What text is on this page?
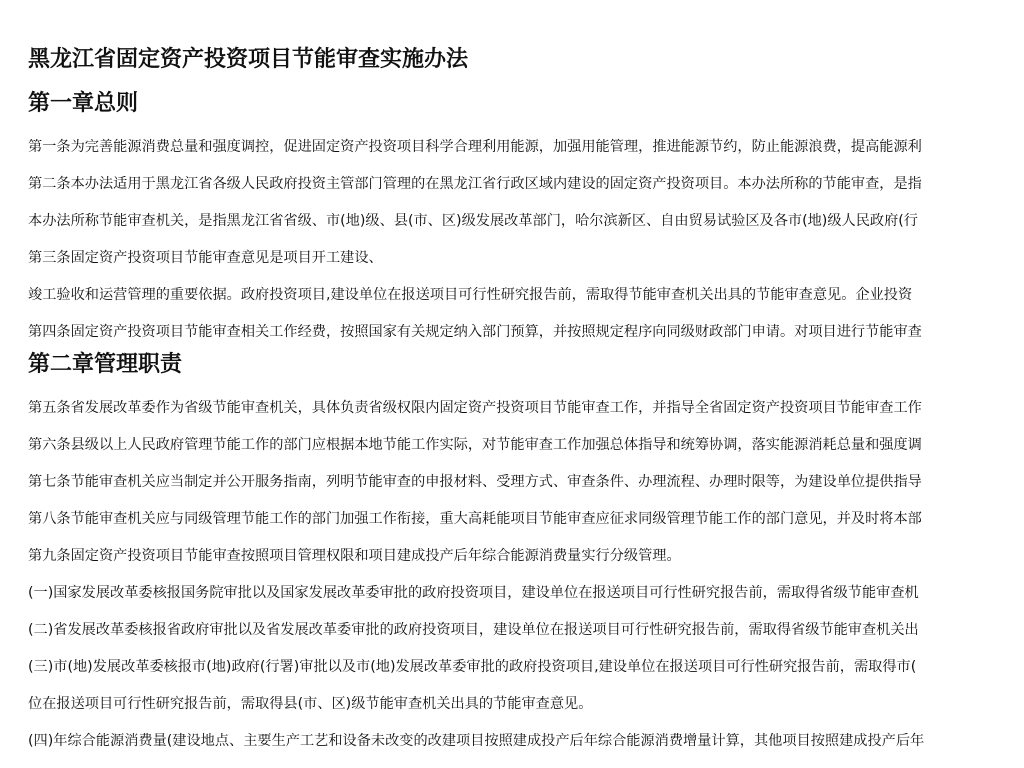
黑龙江省固定资产投资项目节能审查实施办法
第一章总则

第一条为完善能源消费总量和强度调控，促进固定资产投资项目科学合理利用能源，加强用能管理，推进能源节约，防止能源浪费，提高能源利

第二条本办法适用于黑龙江省各级人民政府投资主管部门管理的在黑龙江省行政区域内建设的固定资产投资项目。本办法所称的节能审查，是指

本办法所称节能审查机关，是指黑龙江省省级、市(地)级、县(市、区)级发展改革部门，哈尔滨新区、自由贸易试验区及各市(地)级人民政府(行

第三条固定资产投资项目节能审查意见是项目开工建设、

竣工验收和运营管理的重要依据。政府投资项目,建设单位在报送项目可行性研究报告前，需取得节能审查机关出具的节能审查意见。企业投资

第四条固定资产投资项目节能审查相关工作经费，按照国家有关规定纳入部门预算，并按照规定程序向同级财政部门申请。对项目进行节能审查

第二章管理职责

第五条省发展改革委作为省级节能审查机关，具体负责省级权限内固定资产投资项目节能审查工作，并指导全省固定资产投资项目节能审查工作

第六条县级以上人民政府管理节能工作的部门应根据本地节能工作实际，对节能审查工作加强总体指导和统筹协调，落实能源消耗总量和强度调

第七条节能审查机关应当制定并公开服务指南，列明节能审查的申报材料、受理方式、审查条件、办理流程、办理时限等，为建设单位提供指导

第八条节能审查机关应与同级管理节能工作的部门加强工作衔接，重大高耗能项目节能审查应征求同级管理节能工作的部门意见，并及时将本部

第九条固定资产投资项目节能审查按照项目管理权限和项目建成投产后年综合能源消费量实行分级管理。

(一)国家发展改革委核报国务院审批以及国家发展改革委审批的政府投资项目，建设单位在报送项目可行性研究报告前，需取得省级节能审查机

(二)省发展改革委核报省政府审批以及省发展改革委审批的政府投资项目，建设单位在报送项目可行性研究报告前，需取得省级节能审查机关出

(三)市(地)发展改革委核报市(地)政府(行署)审批以及市(地)发展改革委审批的政府投资项目,建设单位在报送项目可行性研究报告前，需取得市(

位在报送项目可行性研究报告前，需取得县(市、区)级节能审查机关出具的节能审查意见。

(四)年综合能源消费量(建设地点、主要生产工艺和设备未改变的改建项目按照建成投产后年综合能源消费增量计算，其他项目按照建成投产后年
